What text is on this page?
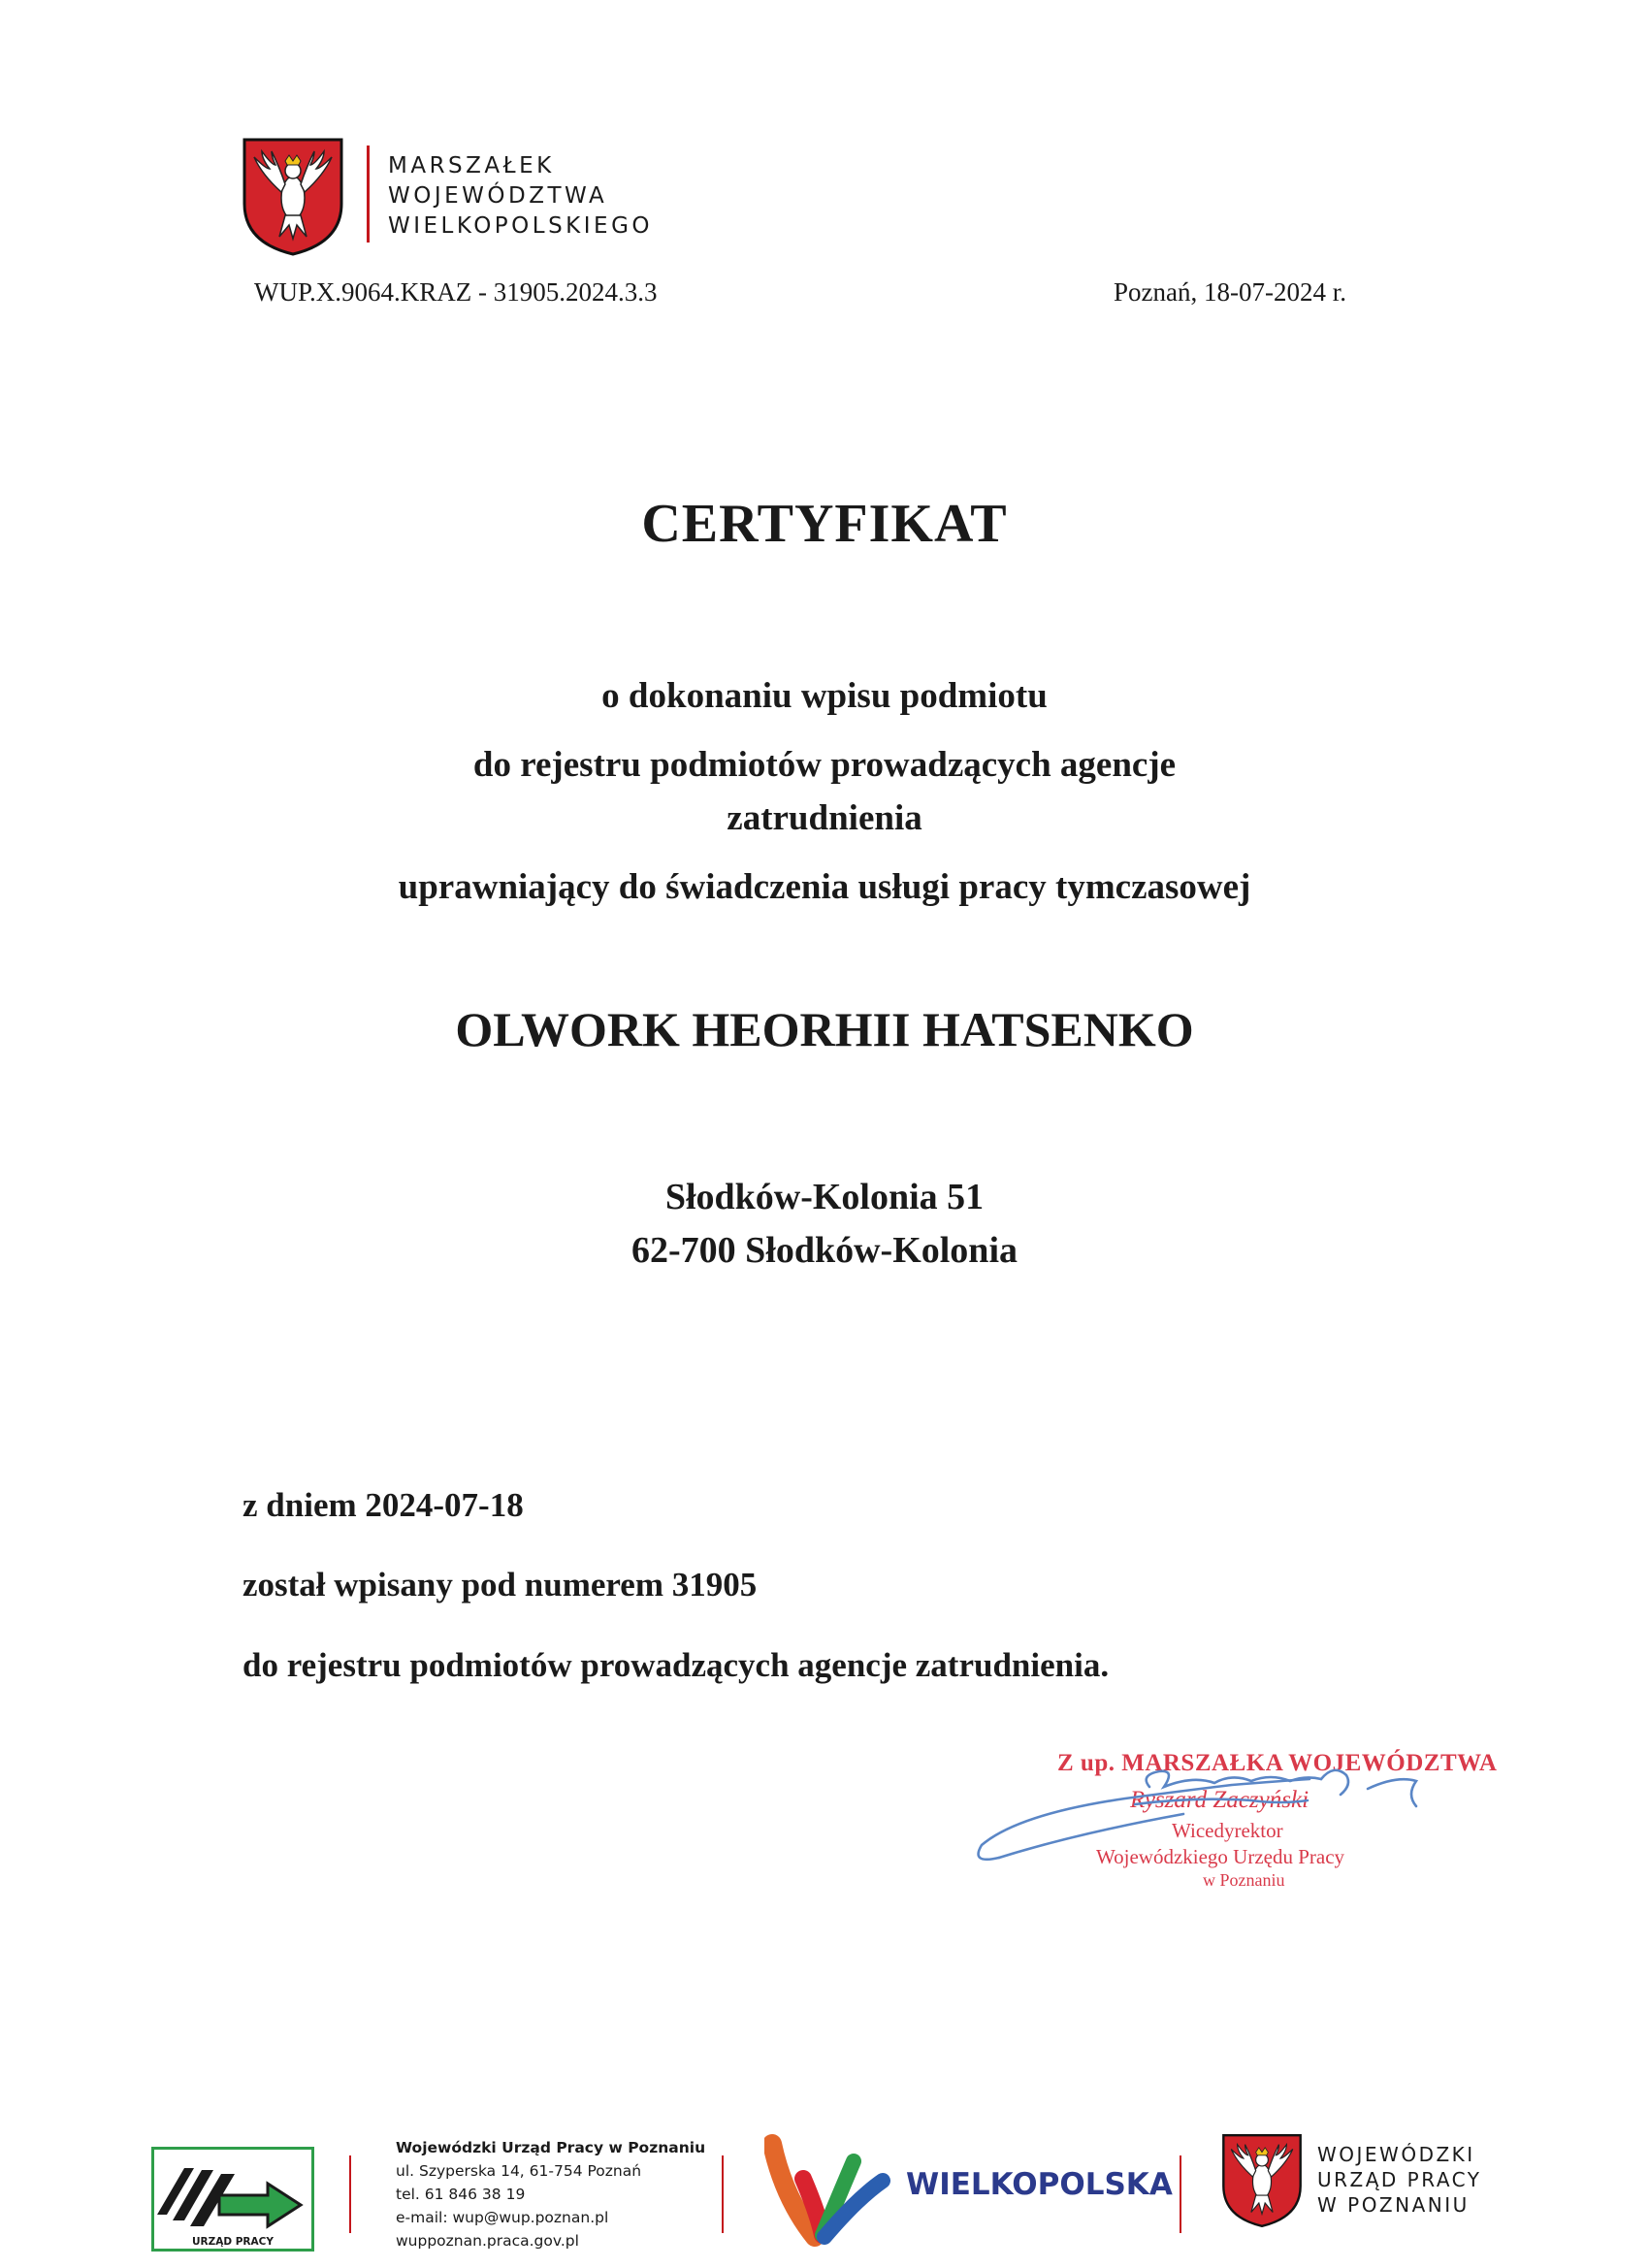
MARSZAŁEK
WOJEWÓDZTWA
WIELKOPOLSKIEGO
WUP.X.9064.KRAZ - 31905.2024.3.3	Poznań, 18-07-2024 r.
CERTYFIKAT
o dokonaniu wpisu podmiotu
do rejestru podmiotów prowadzących agencje
zatrudnienia
uprawniający do świadczenia usługi pracy tymczasowej
OLWORK HEORHII HATSENKO
Słodków-Kolonia 51
62-700 Słodków-Kolonia
z dniem 2024-07-18
został wpisany pod numerem 31905
do rejestru podmiotów prowadzących agencje zatrudnienia.
Z up. MARSZAŁKA WOJEWÓDZTWA
Ryszard Zaczyński
Wicedyrektor
Wojewódzkiego Urzędu Pracy
w Poznaniu
URZĄD PRACY
Wojewódzki Urząd Pracy w Poznaniu
ul. Szyperska 14, 61-754 Poznań
tel. 61 846 38 19
e-mail: wup@wup.poznan.pl
wuppoznan.praca.gov.pl
WIELKOPOLSKA
WOJEWÓDZKI
URZĄD PRACY
W POZNANIU
